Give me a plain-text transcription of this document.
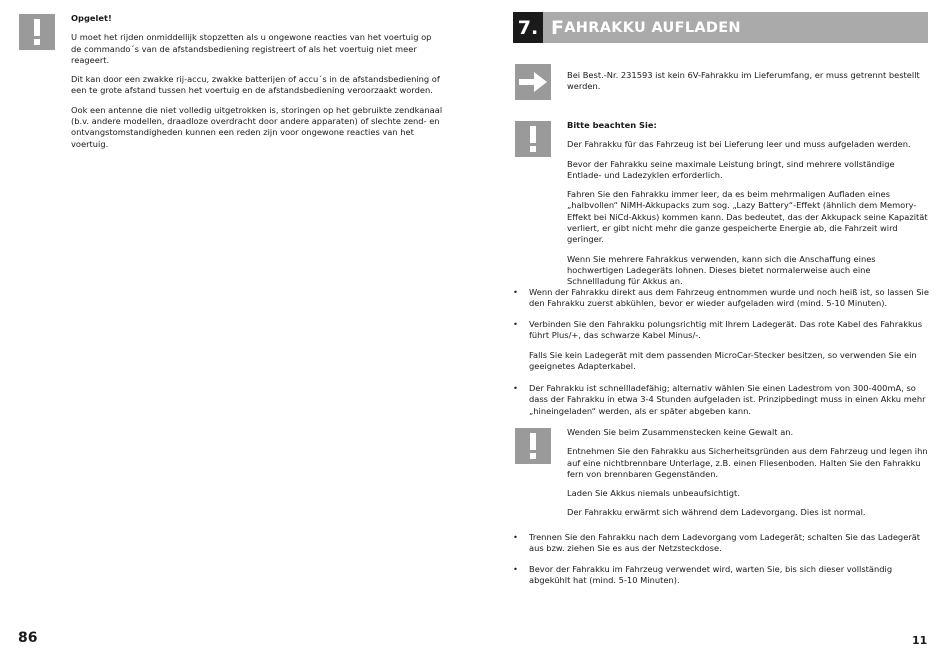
Opgelet!

U moet het rijden onmiddellijk stopzetten als u ongewone reacties van het voertuig op de commando´s van de afstandsbediening registreert of als het voertuig niet meer reageert.

Dit kan door een zwakke rij-accu, zwakke batterijen of accu´s in de afstandsbediening of een te grote afstand tussen het voertuig en de afstandsbediening veroorzaakt worden.

Ook een antenne die niet volledig uitgetrokken is, storingen op het gebruikte zendkanaal (b.v. andere modellen, draadloze overdracht door andere apparaten) of slechte zend- en ontvangstomstandigheden kunnen een reden zijn voor ongewone reacties van het voertuig.

86
7. F AHRAKKU AUFLADEN
Bei Best.-Nr. 231593 ist kein 6V-Fahrakku im Lieferumfang, er muss getrennt bestellt werden.

Bitte beachten Sie:

Der Fahrakku für das Fahrzeug ist bei Lieferung leer und muss aufgeladen werden.

Bevor der Fahrakku seine maximale Leistung bringt, sind mehrere vollständige Entlade- und Ladezyklen erforderlich.

Fahren Sie den Fahrakku immer leer, da es beim mehrmaligen Aufladen eines „halbvollen“ NiMH-Akkupacks zum sog. „Lazy Battery“-Effekt (ähnlich dem Memory-Effekt bei NiCd-Akkus) kommen kann. Das bedeutet, das der Akkupack seine Kapazität verliert, er gibt nicht mehr die ganze gespeicherte Energie ab, die Fahrzeit wird geringer.

Wenn Sie mehrere Fahrakkus verwenden, kann sich die Anschaffung eines hochwertigen Ladegeräts lohnen. Dieses bietet normalerweise auch eine Schnellladung für Akkus an.

• Wenn der Fahrakku direkt aus dem Fahrzeug entnommen wurde und noch heiß ist, so lassen Sie den Fahrakku zuerst abkühlen, bevor er wieder aufgeladen wird (mind. 5-10 Minuten).
• Verbinden Sie den Fahrakku polungsrichtig mit Ihrem Ladegerät. Das rote Kabel des Fahrakkus führt Plus/+, das schwarze Kabel Minus/-.
Falls Sie kein Ladegerät mit dem passenden MicroCar-Stecker besitzen, so verwenden Sie ein geeignetes Adapterkabel.
• Der Fahrakku ist schnellladefähig; alternativ wählen Sie einen Ladestrom von 300-400mA, so dass der Fahrakku in etwa 3-4 Stunden aufgeladen ist. Prinzipbedingt muss in einen Akku mehr „hineingeladen“ werden, als er später abgeben kann.

Wenden Sie beim Zusammenstecken keine Gewalt an.

Entnehmen Sie den Fahrakku aus Sicherheitsgründen aus dem Fahrzeug und legen ihn auf eine nichtbrennbare Unterlage, z.B. einen Fliesenboden. Halten Sie den Fahrakku fern von brennbaren Gegenständen.

Laden Sie Akkus niemals unbeaufsichtigt.

Der Fahrakku erwärmt sich während dem Ladevorgang. Dies ist normal.

• Trennen Sie den Fahrakku nach dem Ladevorgang vom Ladegerät; schalten Sie das Ladegerät aus bzw. ziehen Sie es aus der Netzsteckdose.
• Bevor der Fahrakku im Fahrzeug verwendet wird, warten Sie, bis sich dieser vollständig abgekühlt hat (mind. 5-10 Minuten).
11
